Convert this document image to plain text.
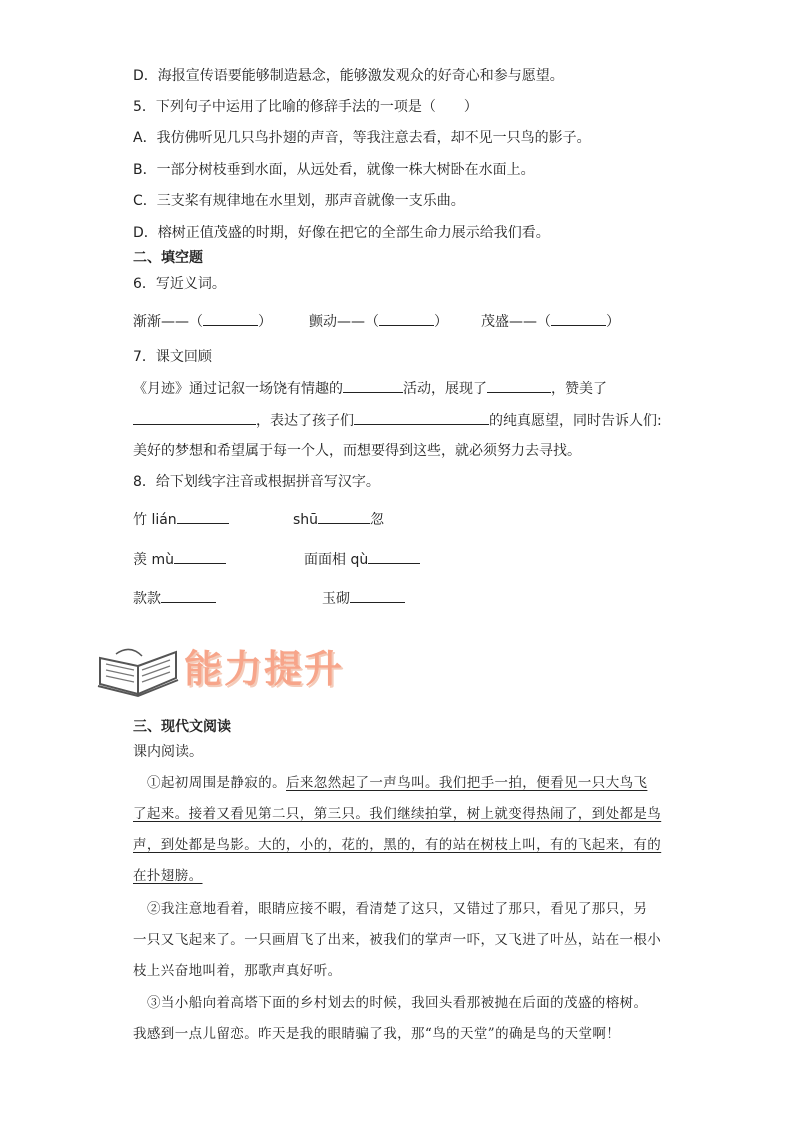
D．海报宣传语要能够制造悬念，能够激发观众的好奇心和参与愿望。
5．下列句子中运用了比喻的修辞手法的一项是（　　）
A．我仿佛听见几只鸟扑翅的声音，等我注意去看，却不见一只鸟的影子。
B．一部分树枝垂到水面，从远处看，就像一株大树卧在水面上。
C．三支桨有规律地在水里划，那声音就像一支乐曲。
D．榕树正值茂盛的时期，好像在把它的全部生命力展示给我们看。
二、填空题
6．写近义词。
渐渐——（	）	颤动——（	） 茂盛——（	）
7．课文回顾
《月迹》通过记叙一场饶有情趣的	活动，展现了	，赞美了
，表达了孩子们	的纯真愿望，同时告诉人们:
美好的梦想和希望属于每一个人，而想要得到这些，就必须努力去寻找。
8．给下划线字注音或根据拼音写汉字。
竹 lián	shū	忽
羡 mù	面面相 qù
款款	玉砌
能力提升
三、现代文阅读
课内阅读。
①起初周围是静寂的。后来忽然起了一声鸟叫。我们把手一拍，便看见一只大鸟飞
了起来。接着又看见第二只，第三只。我们继续拍掌，树上就变得热闹了，到处都是鸟
声，到处都是鸟影。大的，小的，花的，黑的，有的站在树枝上叫，有的飞起来，有的
在扑翅膀。
②我注意地看着，眼睛应接不暇，看清楚了这只，又错过了那只，看见了那只，另
一只又飞起来了。一只画眉飞了出来，被我们的掌声一吓，又飞进了叶丛，站在一根小
枝上兴奋地叫着，那歌声真好听。
③当小船向着高塔下面的乡村划去的时候，我回头看那被抛在后面的茂盛的榕树。
我感到一点儿留恋。昨天是我的眼睛骗了我，那“鸟的天堂”的确是鸟的天堂啊！
